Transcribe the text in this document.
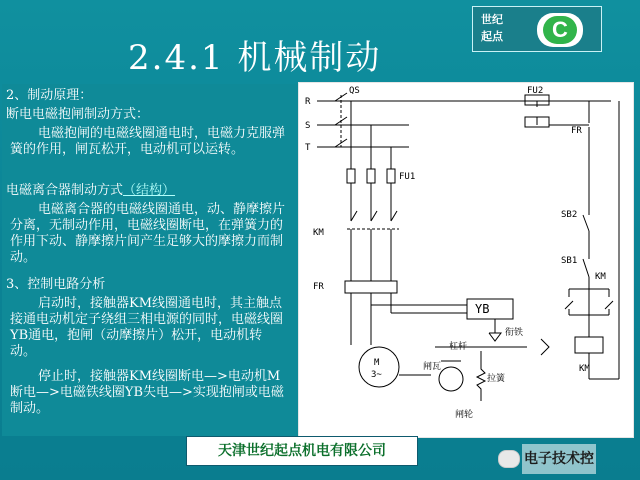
2.4.1 机械制动
世纪
起点	C
2、制动原理：
断电电磁抱闸制动方式：
电磁抱闸的电磁线圈通电时，电磁力克服弹簧的作用，闸瓦松开，电动机可以运转。
电磁离合器制动方式（结构）
电磁离合器的电磁线圈通电，动、静摩擦片分离，无制动作用，电磁线圈断电，在弹簧力的作用下动、静摩擦片间产生足够大的摩擦力而制动。
3、控制电路分析
启动时，接触器KM线圈通电时，其主触点接通电动机定子绕组三相电源的同时，电磁线圈YB通电，抱闸（动摩擦片）松开，电动机转动。
停止时，接触器KM线圈断电—>电动机M断电—>电磁铁线圈YB失电—>实现抱闸或电磁制动。
R
S
T
QS
FU1
FU2
KM
FR
YB
M
3~
FR
SB2
SB1
KM
KM
杠杆
衔铁
闸瓦
拉簧
闸轮
天津世纪起点机电有限公司	电子技术控
